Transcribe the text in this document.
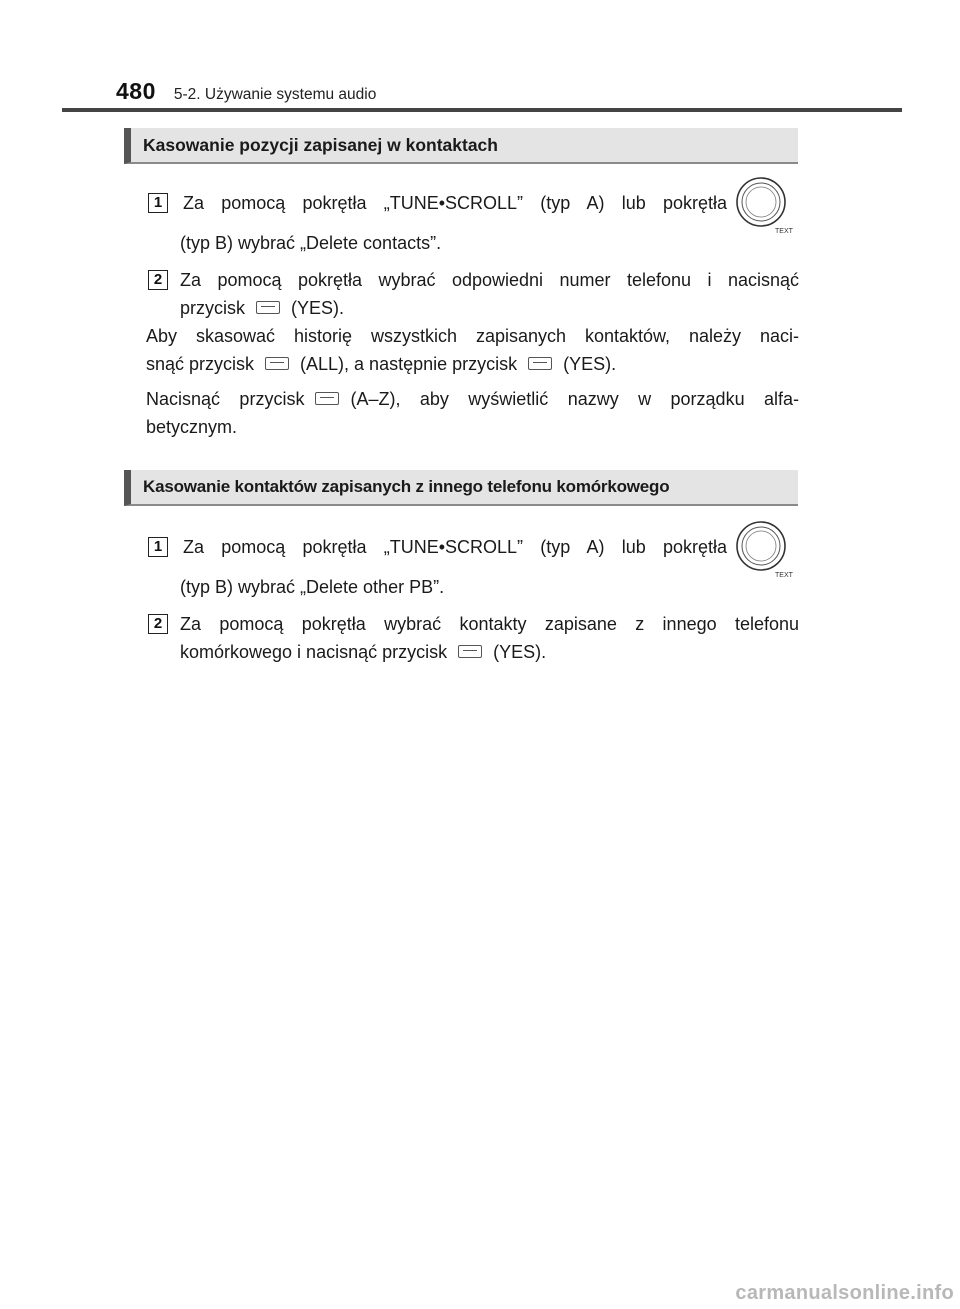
480 5-2. Używanie systemu audio
Kasowanie pozycji zapisanej w kontaktach
1	Za pomocą pokrętła „TUNE•SCROLL” (typ A) lub pokrętła
(typ B) wybrać „Delete contacts”.
TEXT
2 Za pomocą pokrętła wybrać odpowiedni numer telefonu i nacisnąć
przycisk	(YES).
Aby skasować historię wszystkich zapisanych kontaktów, należy naci-
snąć przycisk	(ALL), a następnie przycisk	(YES).
Nacisnąć przycisk	(A–Z), aby wyświetlić nazwy w porządku alfa-
betycznym.
Kasowanie kontaktów zapisanych z innego telefonu komórkowego
1	Za pomocą pokrętła „TUNE•SCROLL” (typ A) lub pokrętła
(typ B) wybrać „Delete other PB”.
TEXT
2 Za pomocą pokrętła wybrać kontakty zapisane z innego telefonu
komórkowego i nacisnąć przycisk	(YES).
carmanualsonline.info
